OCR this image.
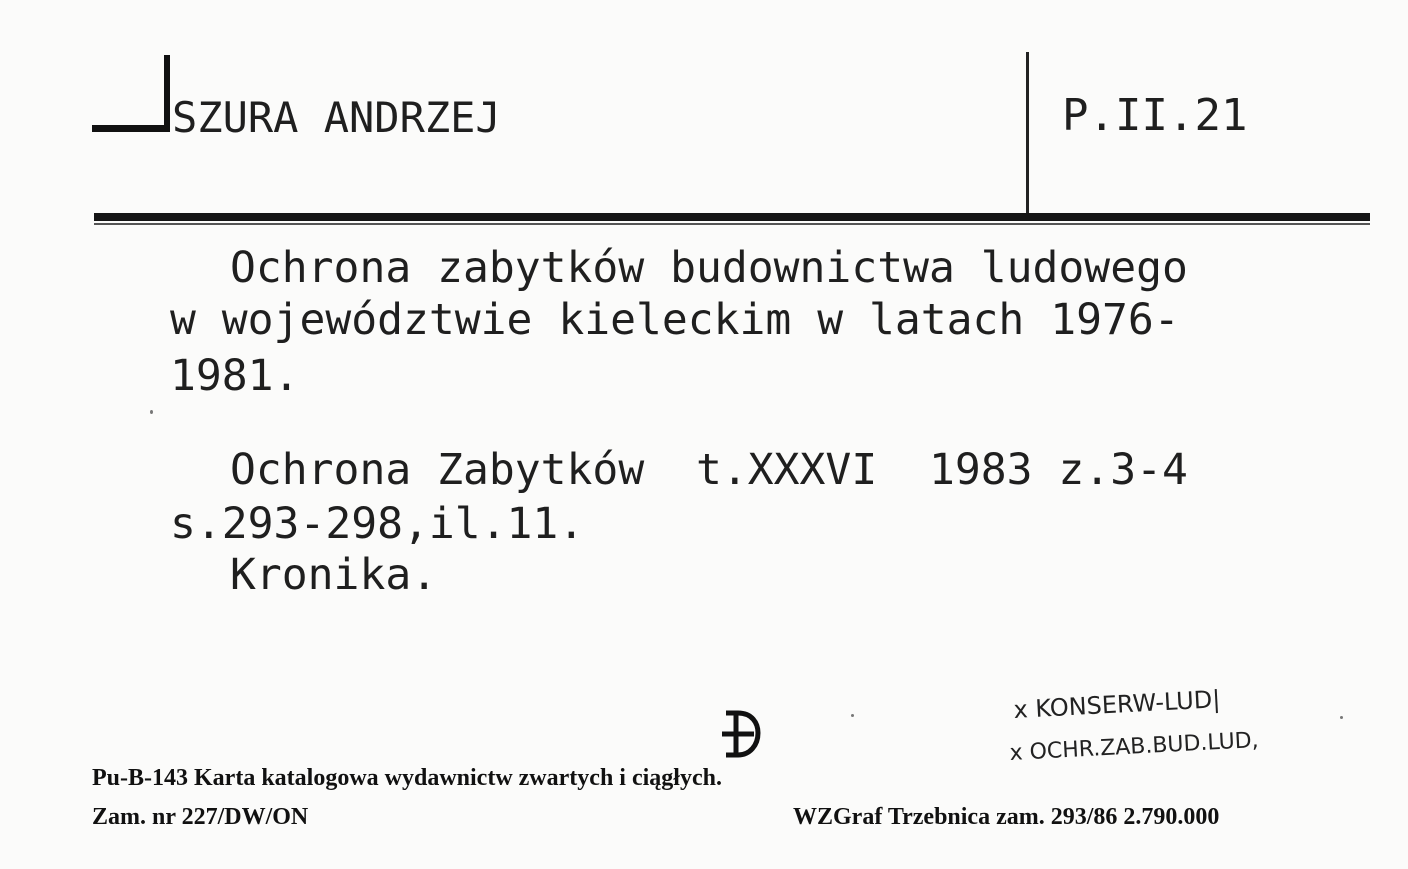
SZURA ANDRZEJ	P.II.21
Ochrona zabytków budownictwa ludowego
w województwie kieleckim w latach 1976-
1981.
Ochrona Zabytków  t.XXXVI  1983 z.3-4
s.293-298,il.11.
Kronika.
x KONSERW-LUD|
x OCHR.ZAB.BUD.LUD,
Pu-B-143 Karta katalogowa wydawnictw zwartych i ciągłych.
Zam. nr 227/DW/ON	WZGraf Trzebnica zam. 293/86 2.790.000
